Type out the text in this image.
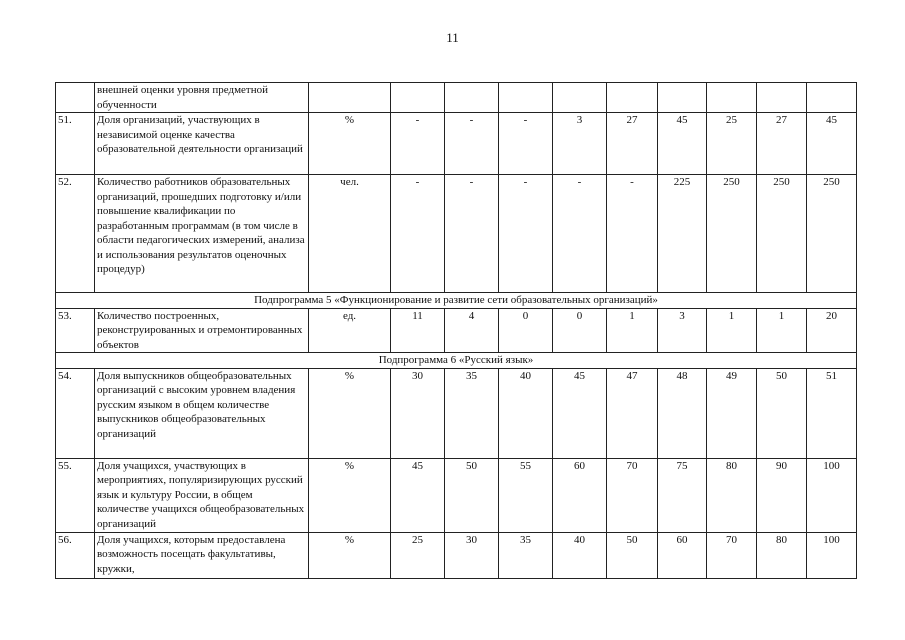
11
	внешней оценки уровня предметной обученности										
51.	Доля организаций, участвующих в независимой оценке качества образовательной деятельности организаций	%	-	-	-	3	27	45	25	27	45
52.	Количество работников образовательных организаций, прошедших подготовку и/или повышение квалификации по разработанным программам (в том числе в области педагогических измерений, анализа и использования результатов оценочных процедур)	чел.	-	-	-	-	-	225	250	250	250
Подпрограмма 5 «Функционирование и развитие сети образовательных организаций»											
53.	Количество построенных, реконструированных и отремонтированных объектов	ед.	11	4	0	0	1	3	1	1	20
Подпрограмма 6 «Русский язык»											
54.	Доля выпускников общеобразовательных организаций с высоким уровнем владения русским языком в общем количестве выпускников общеобразовательных организаций	%	30	35	40	45	47	48	49	50	51
55.	Доля учащихся, участвующих в мероприятиях, популяризирующих русский язык и культуру России, в общем количестве учащихся общеобразовательных организаций	%	45	50	55	60	70	75	80	90	100
56.	Доля учащихся, которым предоставлена возможность посещать факультативы, кружки,	%	25	30	35	40	50	60	70	80	100
